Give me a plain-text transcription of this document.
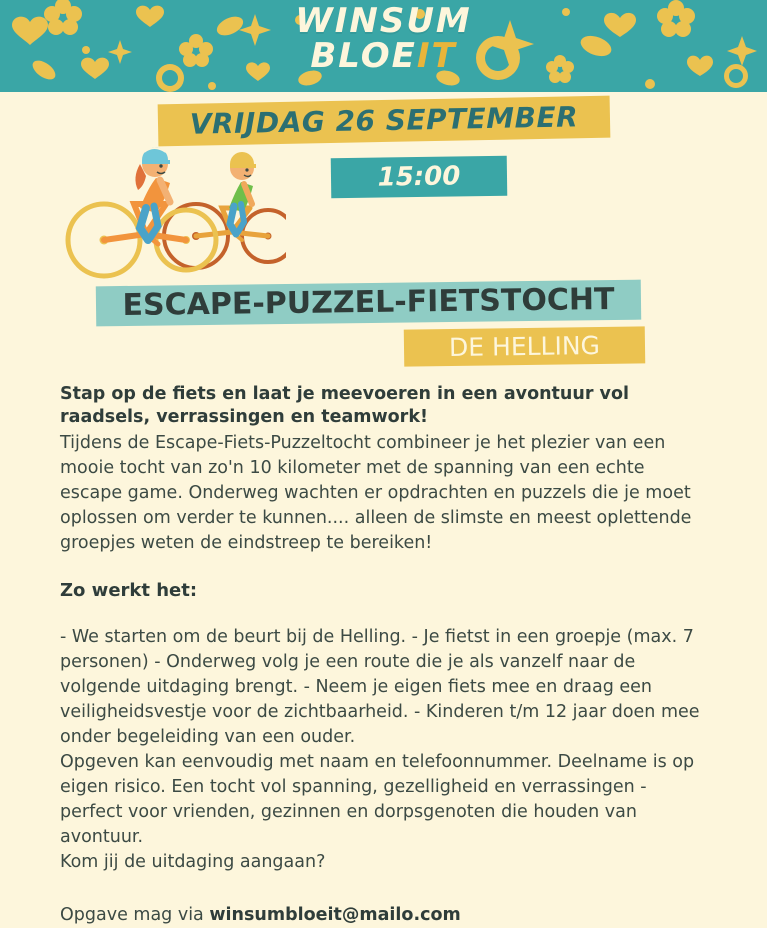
WINSUM
BLOEIT
VRIJDAG 26 SEPTEMBER
15:00
ESCAPE-PUZZEL-FIETSTOCHT
DE HELLING

Stap op de fiets en laat je meevoeren in een avontuur vol raadsels, verrassingen en teamwork!

Tijdens de Escape-Fiets-Puzzeltocht combineer je het plezier van een mooie tocht van zo'n 10 kilometer met de spanning van een echte escape game. Onderweg wachten er opdrachten en puzzels die je moet oplossen om verder te kunnen.... alleen de slimste en meest oplettende groepjes weten de eindstreep te bereiken!

Zo werkt het:

- We starten om de beurt bij de Helling. - Je fietst in een groepje (max. 7 personen) - Onderweg volg je een route die je als vanzelf naar de volgende uitdaging brengt. - Neem je eigen fiets mee en draag een veiligheidsvestje voor de zichtbaarheid. - Kinderen t/m 12 jaar doen mee onder begeleiding van een ouder.

Opgeven kan eenvoudig met naam en telefoonnummer. Deelname is op eigen risico. Een tocht vol spanning, gezelligheid en verrassingen - perfect voor vrienden, gezinnen en dorpsgenoten die houden van avontuur.

Kom jij de uitdaging aangaan?

Opgave mag via winsumbloeit@mailo.com
